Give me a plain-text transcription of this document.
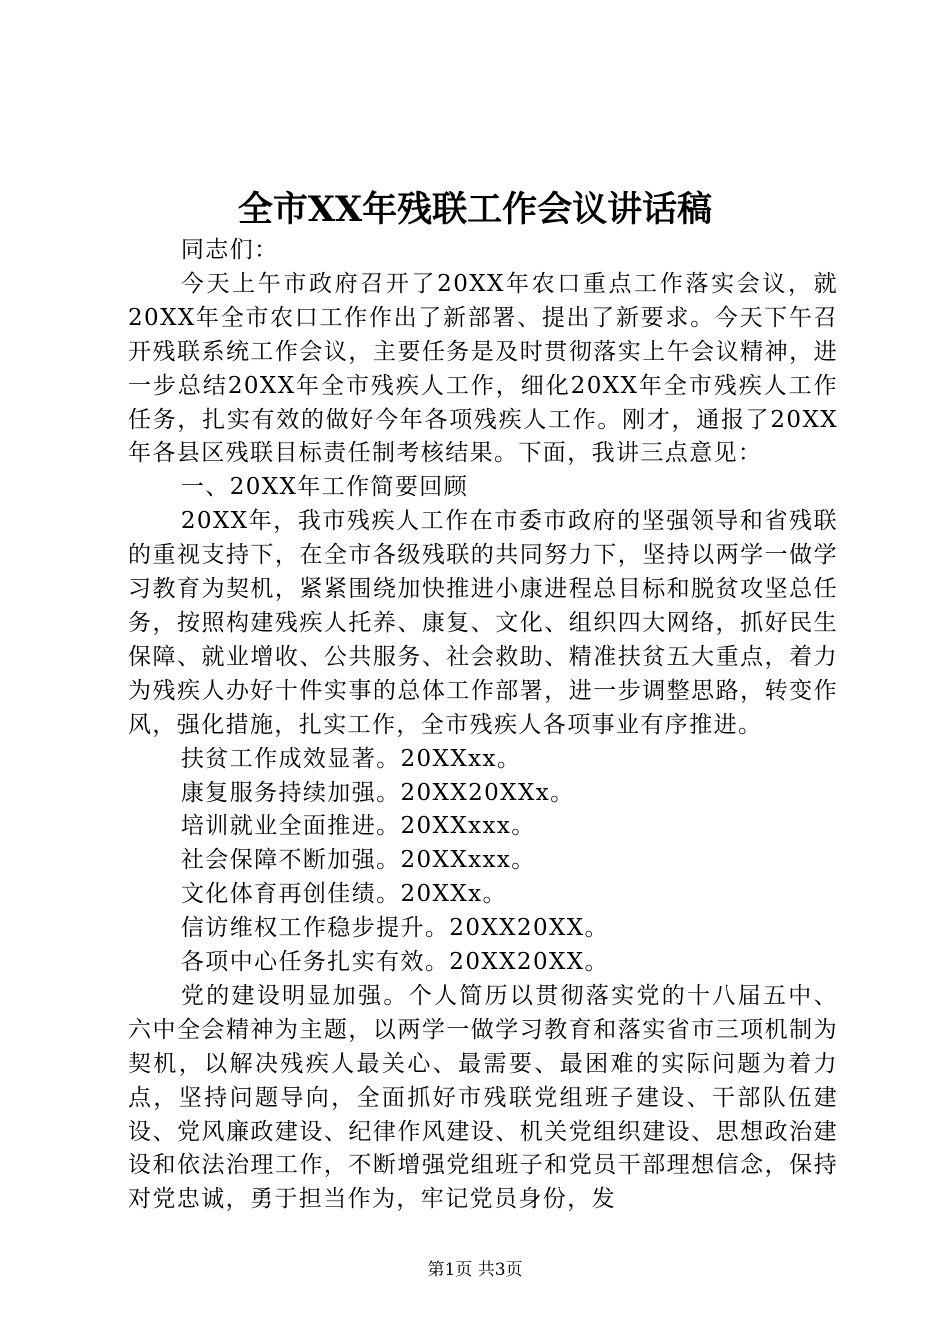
全市XX年残联工作会议讲话稿

同志们：

今天上午市政府召开了20XX年农口重点工作落实会议，就20XX年全市农口工作作出了新部署、提出了新要求。今天下午召开残联系统工作会议，主要任务是及时贯彻落实上午会议精神，进一步总结20XX年全市残疾人工作，细化20XX年全市残疾人工作任务，扎实有效的做好今年各项残疾人工作。刚才，通报了20XX年各县区残联目标责任制考核结果。下面，我讲三点意见：

一、20XX年工作简要回顾

20XX年，我市残疾人工作在市委市政府的坚强领导和省残联的重视支持下，在全市各级残联的共同努力下，坚持以两学一做学习教育为契机，紧紧围绕加快推进小康进程总目标和脱贫攻坚总任务，按照构建残疾人托养、康复、文化、组织四大网络，抓好民生保障、就业增收、公共服务、社会救助、精准扶贫五大重点，着力为残疾人办好十件实事的总体工作部署，进一步调整思路，转变作风，强化措施，扎实工作，全市残疾人各项事业有序推进。

扶贫工作成效显著。20XXxx。

康复服务持续加强。20XX20XXx。

培训就业全面推进。20XXxxx。

社会保障不断加强。20XXxxx。

文化体育再创佳绩。20XXx。

信访维权工作稳步提升。20XX20XX。

各项中心任务扎实有效。20XX20XX。

党的建设明显加强。个人简历以贯彻落实党的十八届五中、六中全会精神为主题，以两学一做学习教育和落实省市三项机制为契机，以解决残疾人最关心、最需要、最困难的实际问题为着力点，坚持问题导向，全面抓好市残联党组班子建设、干部队伍建设、党风廉政建设、纪律作风建设、机关党组织建设、思想政治建设和依法治理工作，不断增强党组班子和党员干部理想信念，保持对党忠诚，勇于担当作为，牢记党员身份，发

第1页 共3页
